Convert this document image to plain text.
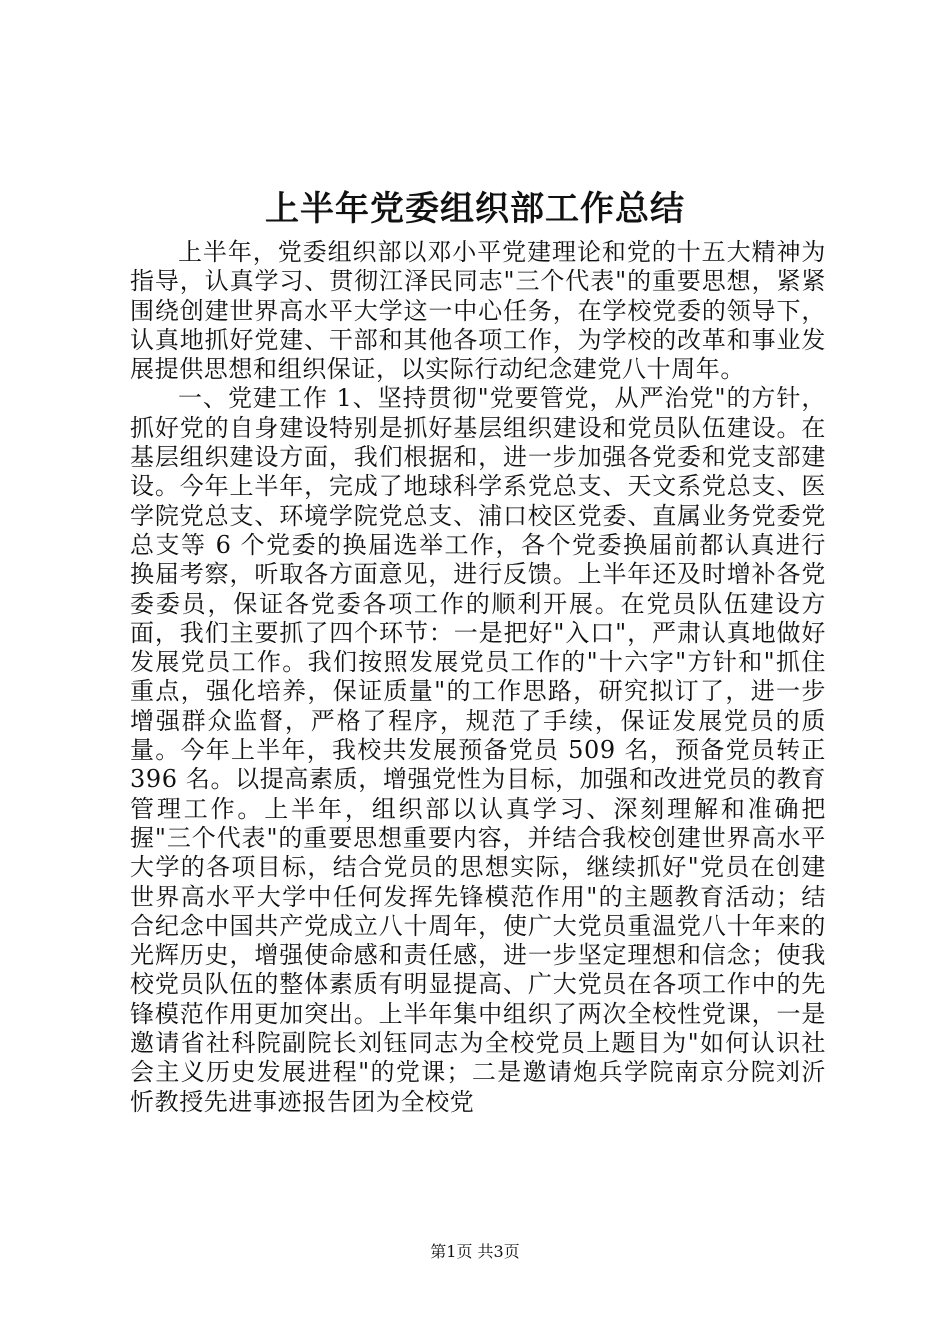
上半年党委组织部工作总结

上半年，党委组织部以邓小平党建理论和党的十五大精神为指导，认真学习、贯彻江泽民同志"三个代表"的重要思想，紧紧围绕创建世界高水平大学这一中心任务，在学校党委的领导下，认真地抓好党建、干部和其他各项工作，为学校的改革和事业发展提供思想和组织保证，以实际行动纪念建党八十周年。

一、党建工作 1、坚持贯彻"党要管党，从严治党"的方针，抓好党的自身建设特别是抓好基层组织建设和党员队伍建设。在基层组织建设方面，我们根据和，进一步加强各党委和党支部建设。今年上半年，完成了地球科学系党总支、天文系党总支、医学院党总支、环境学院党总支、浦口校区党委、直属业务党委党总支等 6 个党委的换届选举工作，各个党委换届前都认真进行换届考察，听取各方面意见，进行反馈。上半年还及时增补各党委委员，保证各党委各项工作的顺利开展。在党员队伍建设方面，我们主要抓了四个环节：一是把好"入口"，严肃认真地做好发展党员工作。我们按照发展党员工作的"十六字"方针和"抓住重点，强化培养，保证质量"的工作思路，研究拟订了，进一步增强群众监督，严格了程序，规范了手续，保证发展党员的质量。今年上半年，我校共发展预备党员 509 名，预备党员转正 396 名。以提高素质，增强党性为目标，加强和改进党员的教育管理工作。上半年，组织部以认真学习、深刻理解和准确把握"三个代表"的重要思想重要内容，并结合我校创建世界高水平大学的各项目标，结合党员的思想实际，继续抓好"党员在创建世界高水平大学中任何发挥先锋模范作用"的主题教育活动；结合纪念中国共产党成立八十周年，使广大党员重温党八十年来的光辉历史，增强使命感和责任感，进一步坚定理想和信念；使我校党员队伍的整体素质有明显提高、广大党员在各项工作中的先锋模范作用更加突出。上半年集中组织了两次全校性党课，一是邀请省社科院副院长刘钰同志为全校党员上题目为"如何认识社会主义历史发展进程"的党课；二是邀请炮兵学院南京分院刘沂忻教授先进事迹报告团为全校党

第1页 共3页
